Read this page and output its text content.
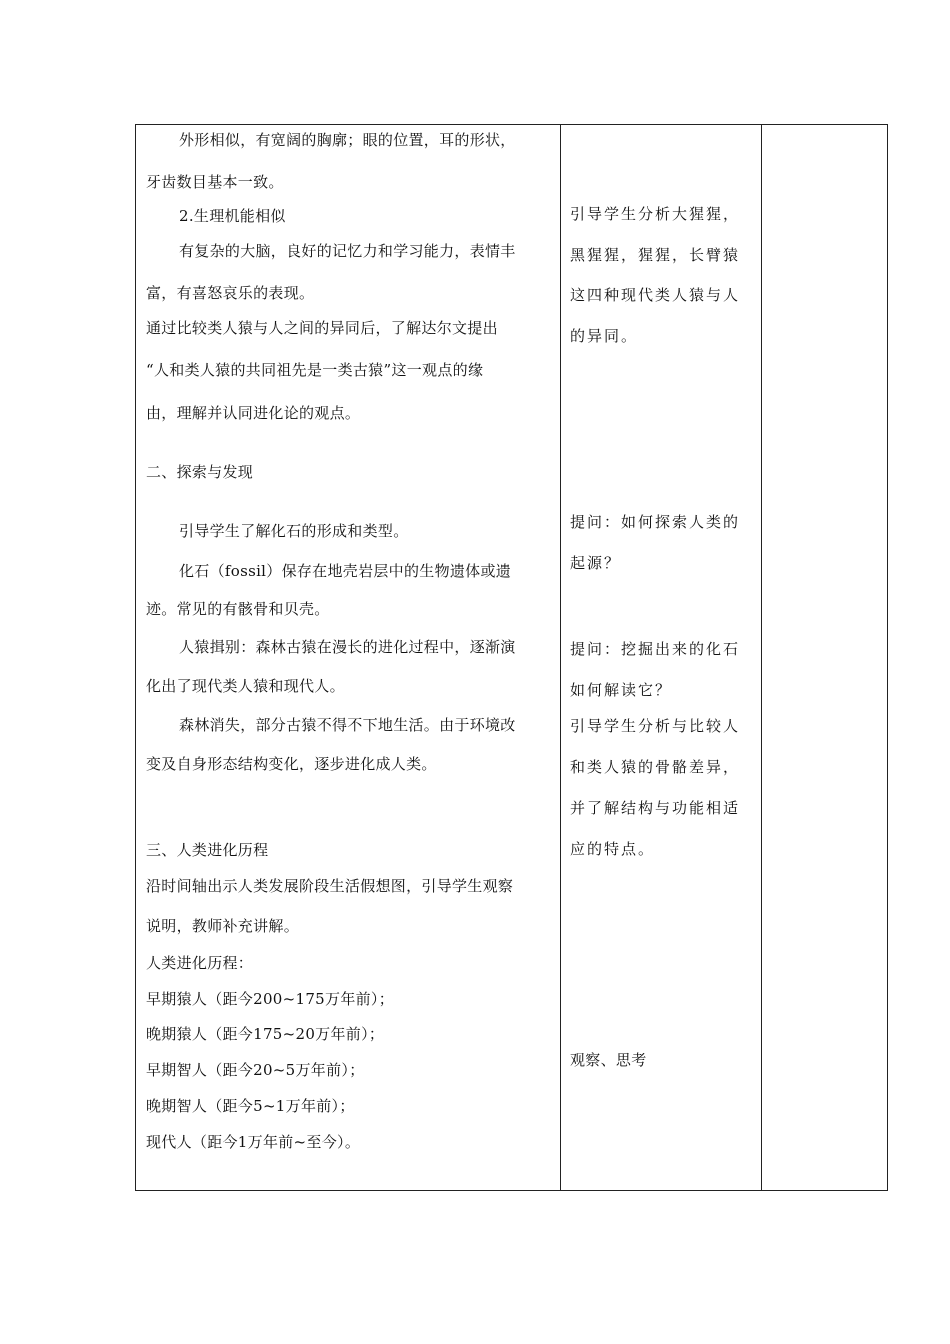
外形相似，有宽阔的胸廓；眼的位置，耳的形状，
牙齿数目基本一致。
2.生理机能相似
有复杂的大脑，良好的记忆力和学习能力，表情丰
富，有喜怒哀乐的表现。
通过比较类人猿与人之间的异同后，了解达尔文提出
“人和类人猿的共同祖先是一类古猿”这一观点的缘
由，理解并认同进化论的观点。
二、探索与发现
引导学生了解化石的形成和类型。
化石（fossil）保存在地壳岩层中的生物遗体或遗
迹。常见的有骸骨和贝壳。
人猿揖别：森林古猿在漫长的进化过程中，逐渐演
化出了现代类人猿和现代人。
森林消失，部分古猿不得不下地生活。由于环境改
变及自身形态结构变化，逐步进化成人类。
三、人类进化历程
沿时间轴出示人类发展阶段生活假想图，引导学生观察
说明，教师补充讲解。
人类进化历程：
早期猿人（距今200~175万年前）；
晚期猿人（距今175~20万年前）；
早期智人（距今20~5万年前）；
晚期智人（距今5~1万年前）；
现代人（距今1万年前~至今）。
引导学生分析大猩猩，
黑猩猩，猩猩，长臂猿
这四种现代类人猿与人
的异同。
提问：如何探索人类的
起源？
提问：挖掘出来的化石
如何解读它？
引导学生分析与比较人
和类人猿的骨骼差异，
并了解结构与功能相适
应的特点。
观察、思考
